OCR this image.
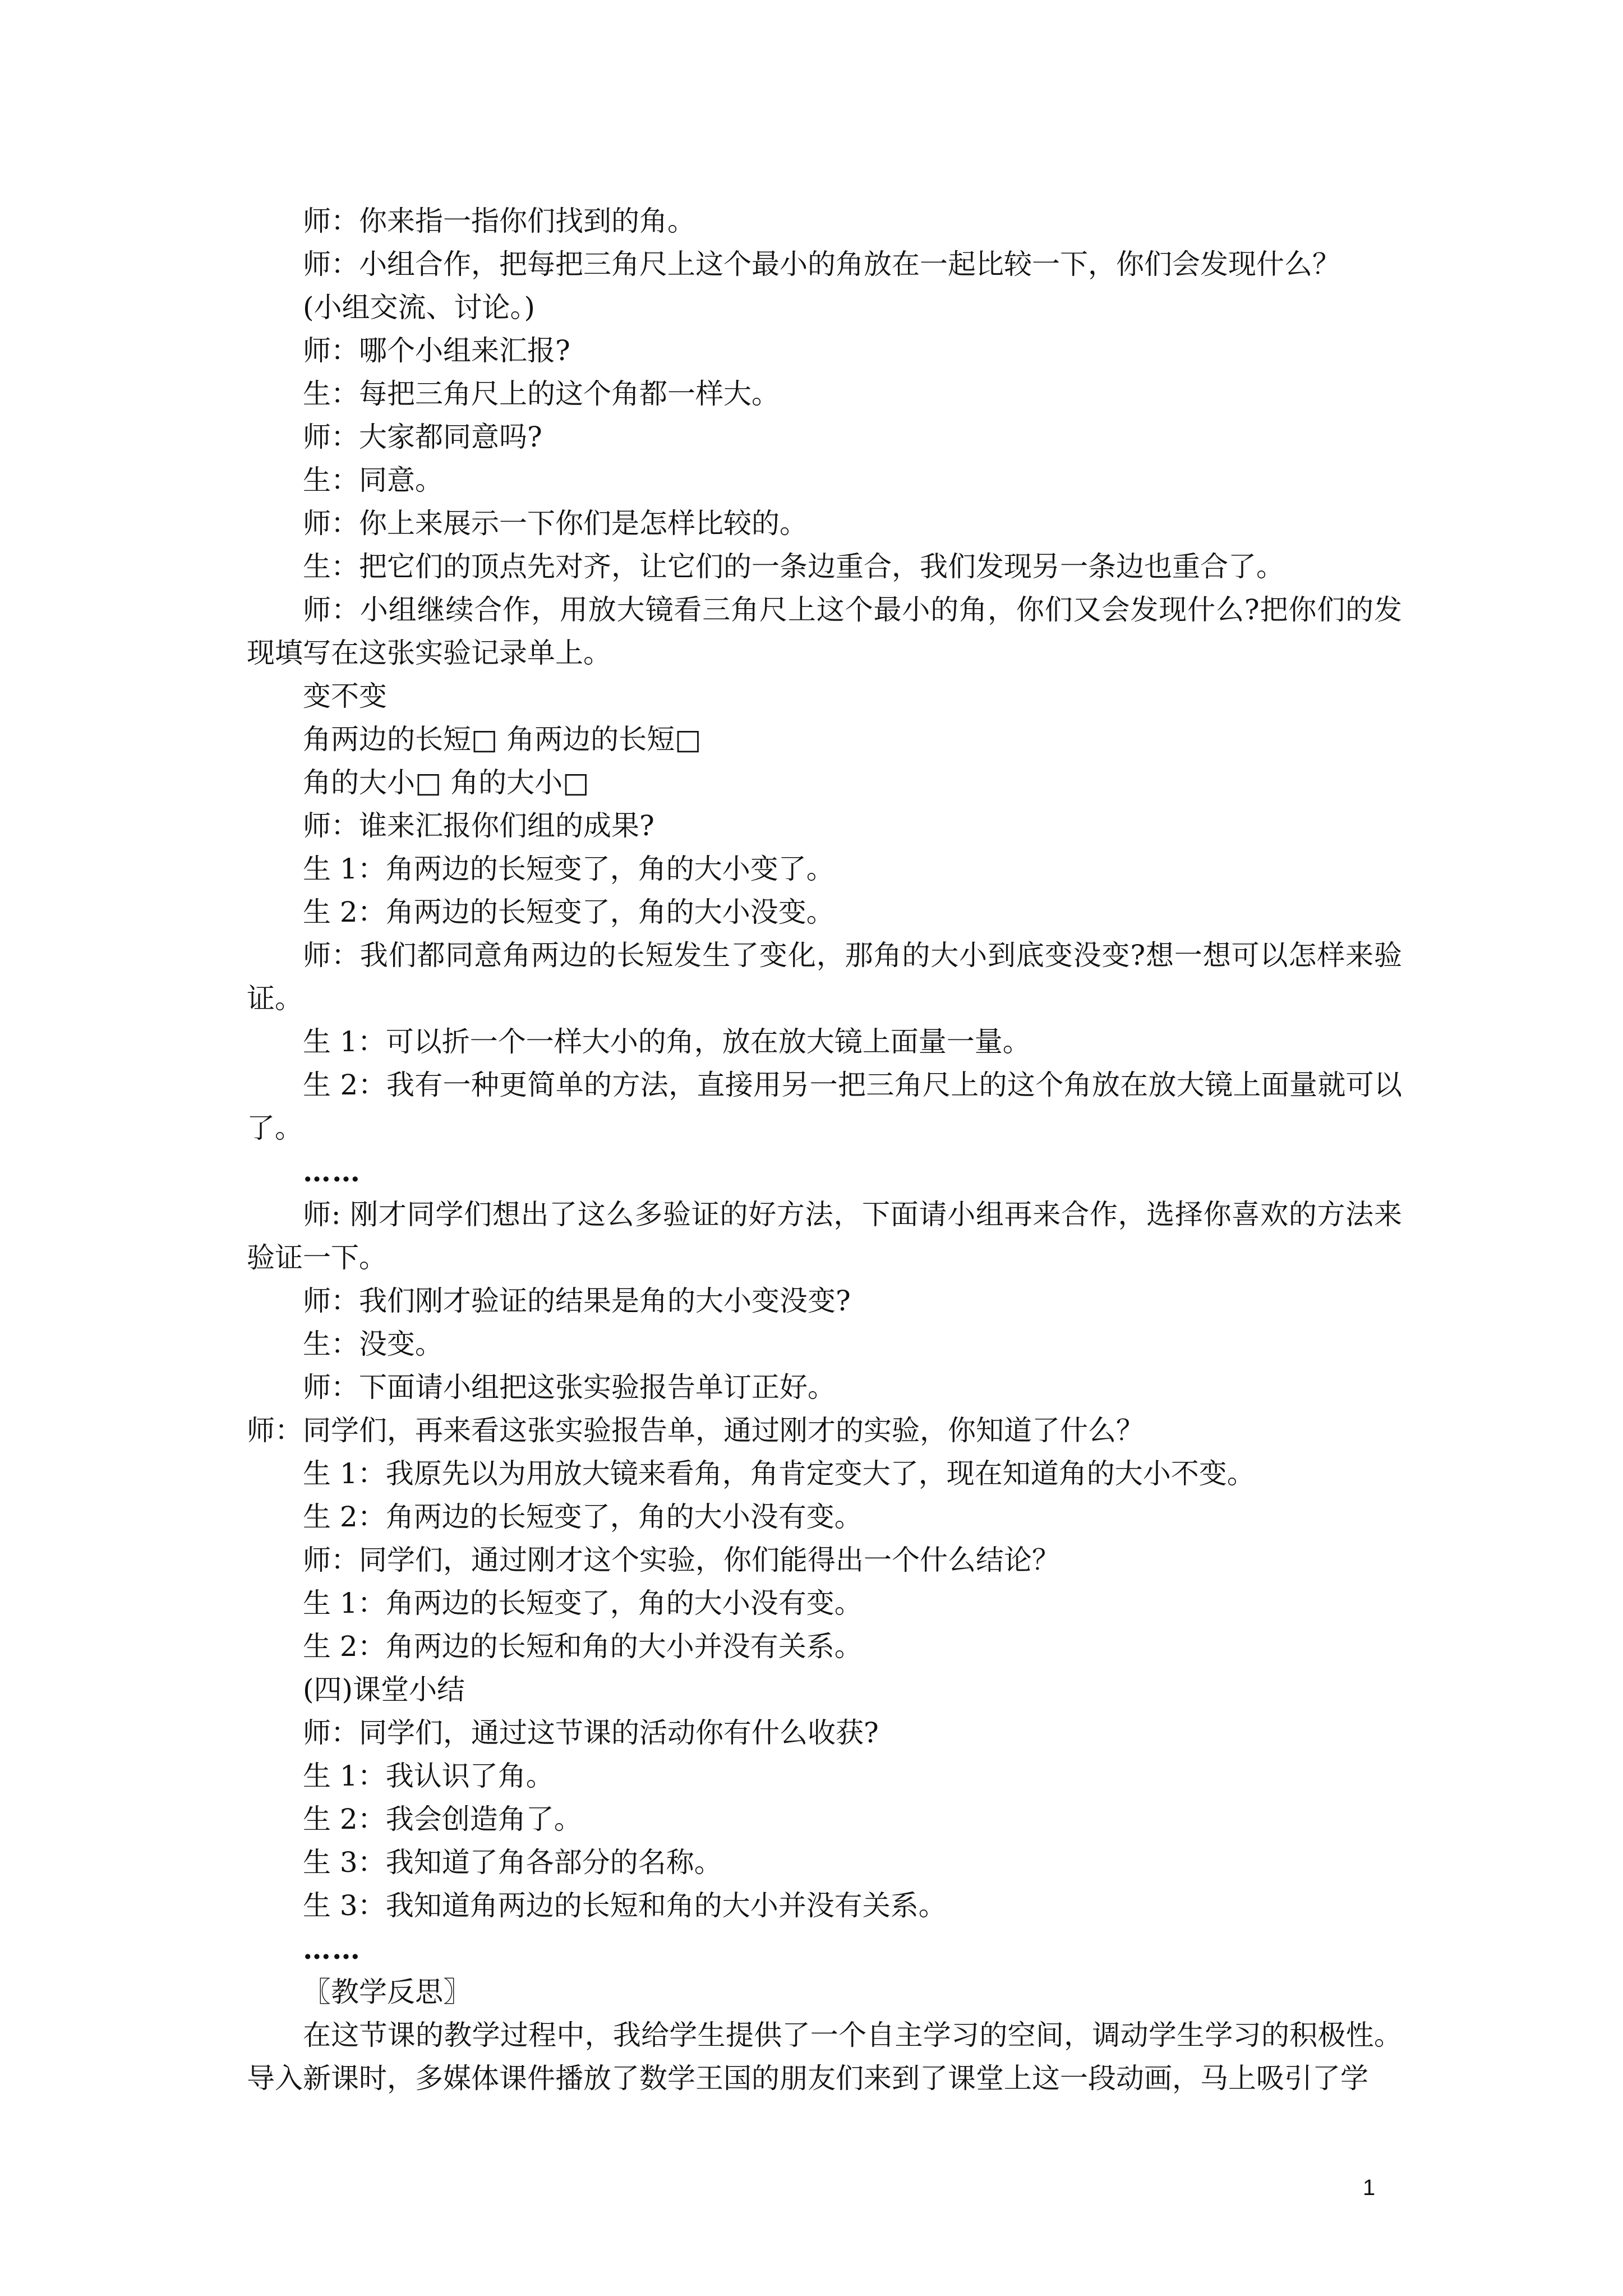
师：你来指一指你们找到的角。

师：小组合作，把每把三角尺上这个最小的角放在一起比较一下，你们会发现什么？

(小组交流、讨论。)

师：哪个小组来汇报?

生：每把三角尺上的这个角都一样大。

师：大家都同意吗?

生：同意。

师：你上来展示一下你们是怎样比较的。

生：把它们的顶点先对齐，让它们的一条边重合，我们发现另一条边也重合了。

师：小组继续合作，用放大镜看三角尺上这个最小的角，你们又会发现什么?把你们的发现填写在这张实验记录单上。

变不变

角两边的长短□ 角两边的长短□

角的大小□ 角的大小□

师：谁来汇报你们组的成果?

生 1：角两边的长短变了，角的大小变了。

生 2：角两边的长短变了，角的大小没变。

师：我们都同意角两边的长短发生了变化，那角的大小到底变没变?想一想可以怎样来验证。

生 1：可以折一个一样大小的角，放在放大镜上面量一量。

生 2：我有一种更简单的方法，直接用另一把三角尺上的这个角放在放大镜上面量就可以了。

……

师: 刚才同学们想出了这么多验证的好方法，下面请小组再来合作，选择你喜欢的方法来验证一下。

师：我们刚才验证的结果是角的大小变没变?

生：没变。

师：下面请小组把这张实验报告单订正好。

师：同学们，再来看这张实验报告单，通过刚才的实验，你知道了什么？

生 1：我原先以为用放大镜来看角，角肯定变大了，现在知道角的大小不变。

生 2：角两边的长短变了，角的大小没有变。

师：同学们，通过刚才这个实验，你们能得出一个什么结论？

生 1：角两边的长短变了，角的大小没有变。

生 2：角两边的长短和角的大小并没有关系。

(四)课堂小结

师：同学们，通过这节课的活动你有什么收获?

生 1：我认识了角。

生 2：我会创造角了。

生 3：我知道了角各部分的名称。

生 3：我知道角两边的长短和角的大小并没有关系。

……

〖教学反思〗

在这节课的教学过程中，我给学生提供了一个自主学习的空间，调动学生学习的积极性。导入新课时，多媒体课件播放了数学王国的朋友们来到了课堂上这一段动画，马上吸引了学

1
